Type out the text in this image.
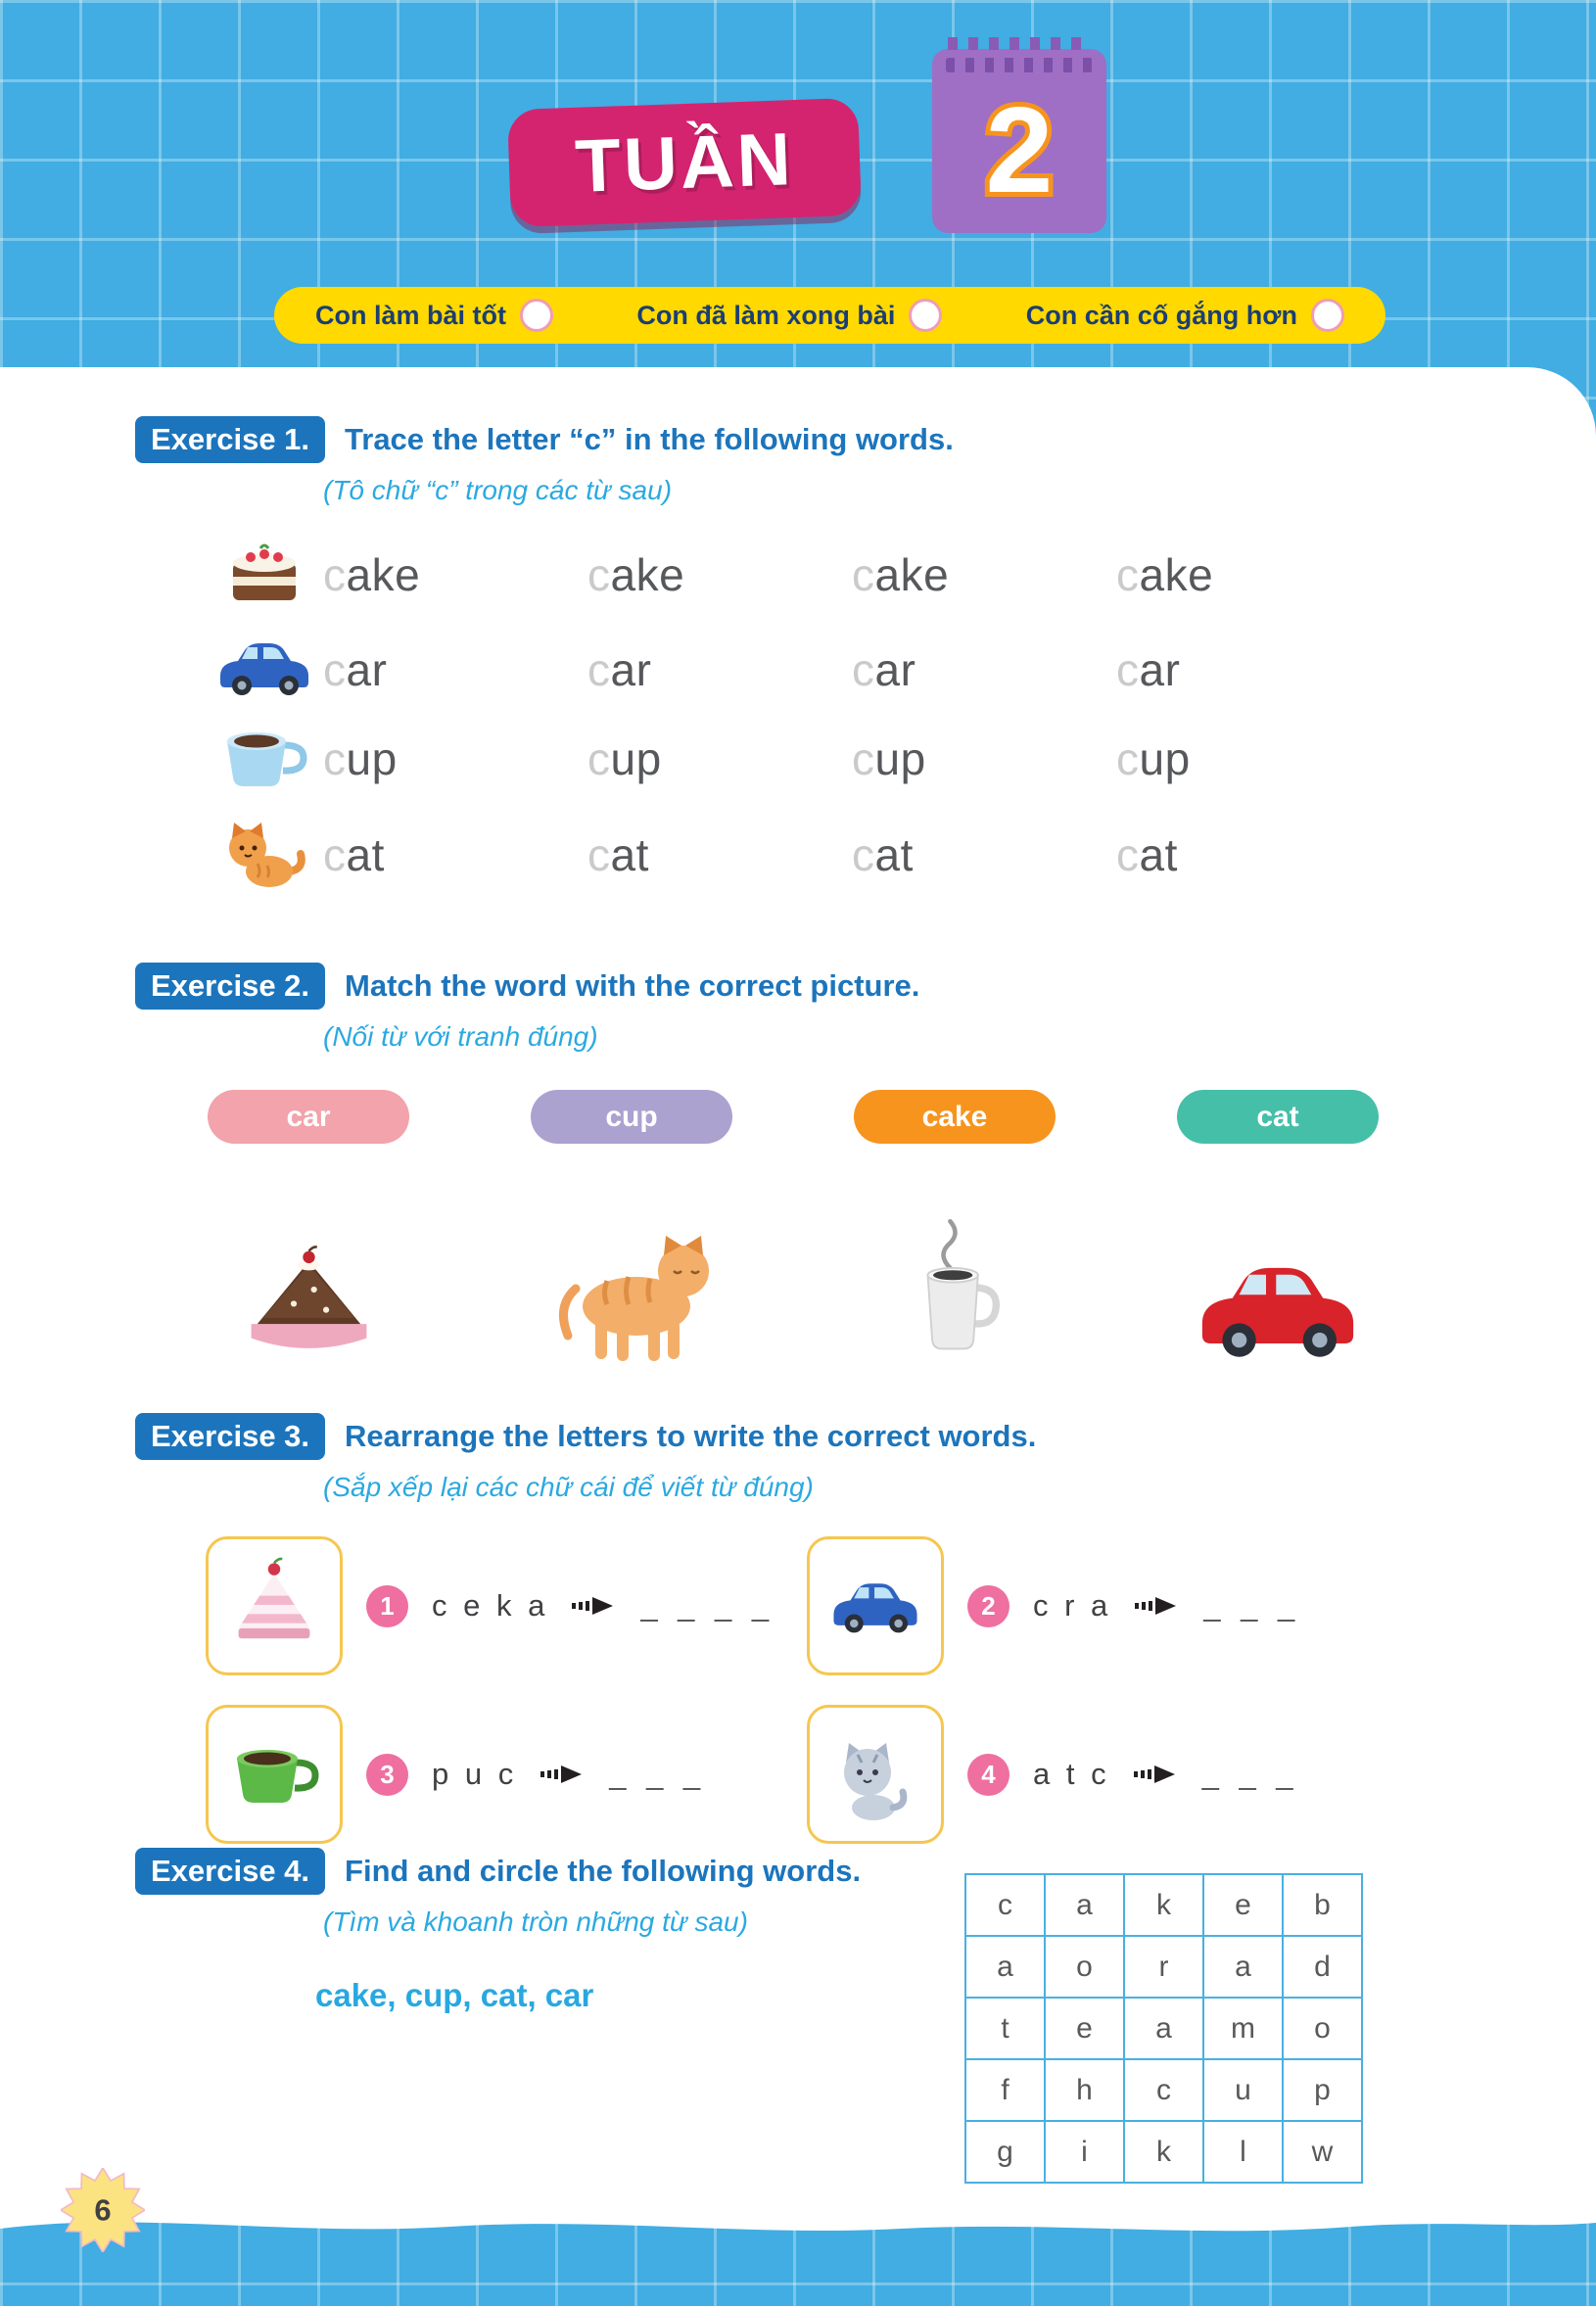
TUẦN 2
Con làm bài tốt	Con đã làm xong bài	Con cần cố gắng hơn
Exercise 1.	Trace the letter “c” in the following words.
(Tô chữ “c” trong các từ sau)
cake	cake	cake	cake
car	car	car	car
cup	cup	cup	cup
cat	cat	cat	cat
Exercise 2.	Match the word with the correct picture.
(Nối từ với tranh đúng)
car	cup	cake	cat
Exercise 3.	Rearrange the letters to write the correct words.
(Sắp xếp lại các chữ cái để viết từ đúng)
1	c e k a	_ _ _ _	2	c r a	_ _ _
3	p u c	_ _ _	4	a t c	_ _ _
Exercise 4.	Find and circle the following words.
(Tìm và khoanh tròn những từ sau)
cake, cup, cat, car
c	a	k	e	b
a	o	r	a	d
t	e	a	m	o
f	h	c	u	p
g	i	k	l	w
6
